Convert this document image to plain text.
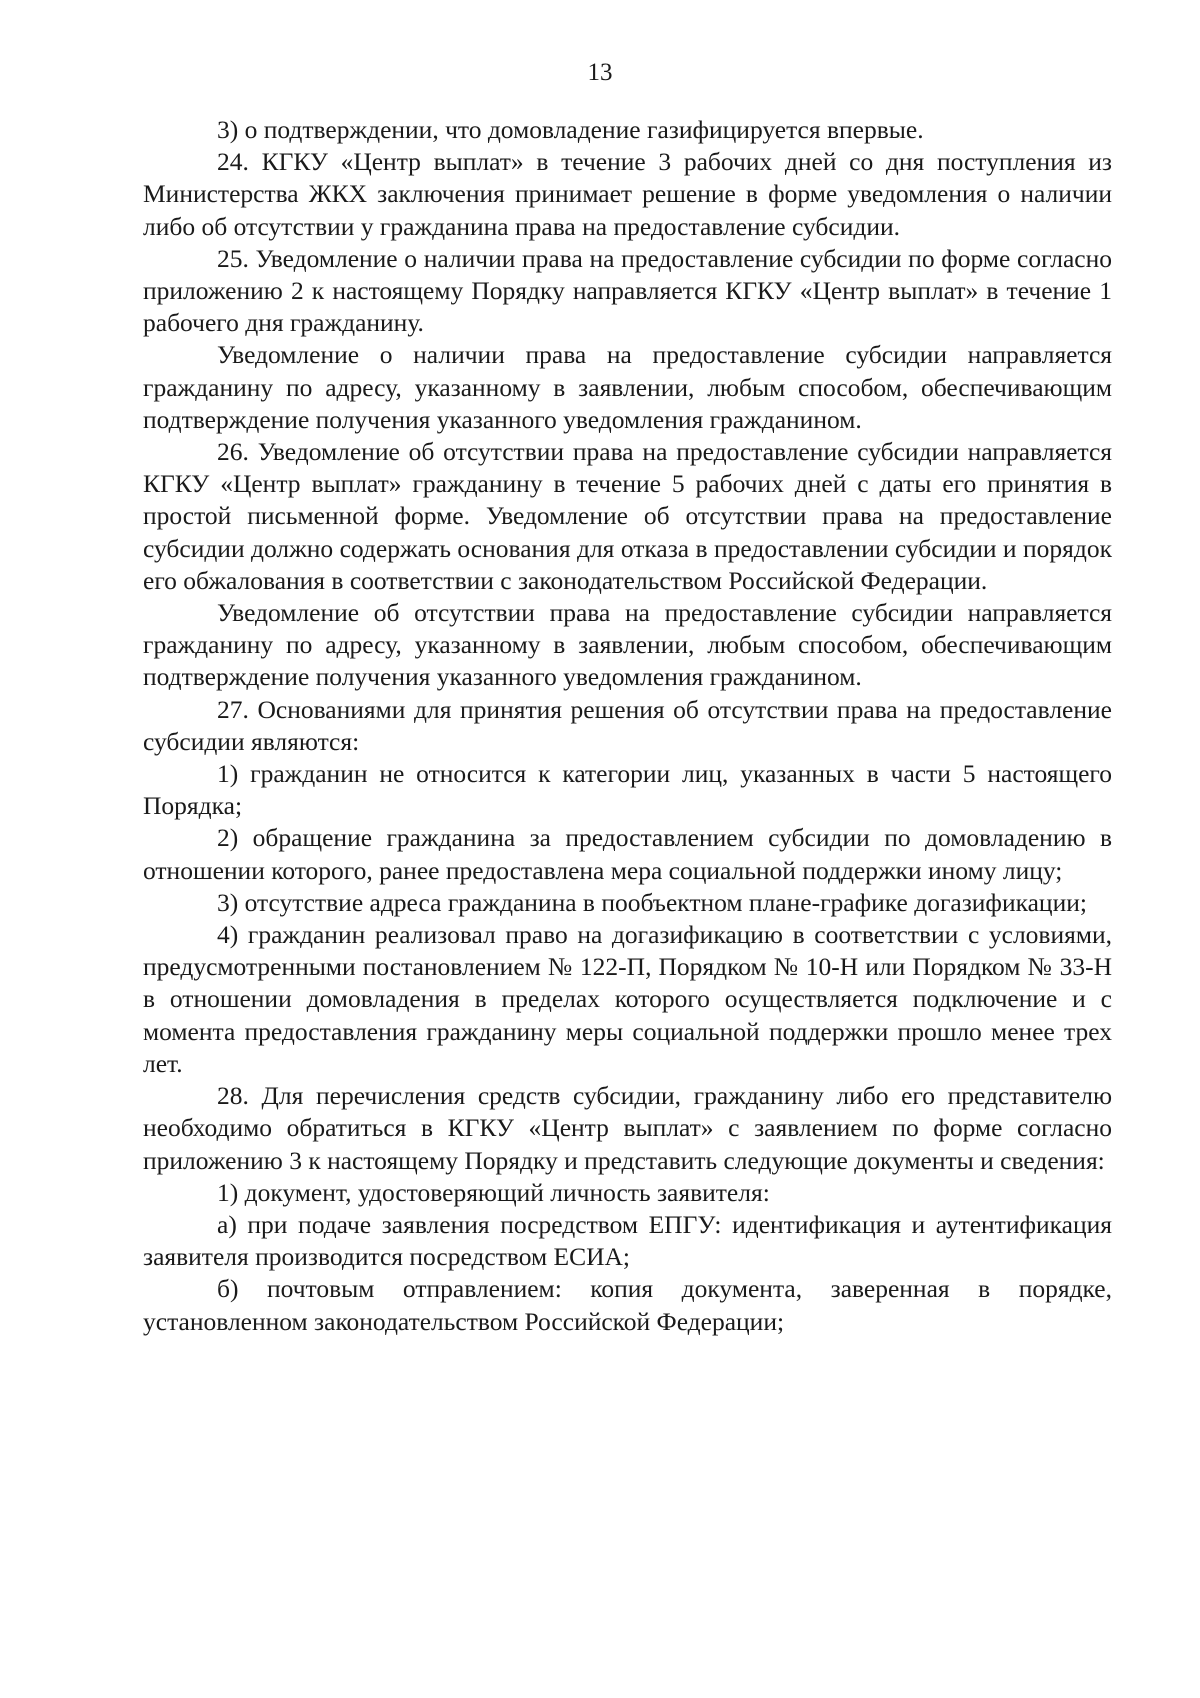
13

3) о подтверждении, что домовладение газифицируется впервые.

24. КГКУ «Центр выплат» в течение 3 рабочих дней со дня поступления из Министерства ЖКХ заключения принимает решение в форме уведомления о наличии либо об отсутствии у гражданина права на предоставление субсидии.

25. Уведомление о наличии права на предоставление субсидии по форме согласно приложению 2 к настоящему Порядку направляется КГКУ «Центр выплат» в течение 1 рабочего дня гражданину.

Уведомление о наличии права на предоставление субсидии направляется гражданину по адресу, указанному в заявлении, любым способом, обеспечивающим подтверждение получения указанного уведомления гражданином.

26. Уведомление об отсутствии права на предоставление субсидии направляется КГКУ «Центр выплат» гражданину в течение 5 рабочих дней с даты его принятия в простой письменной форме. Уведомление об отсутствии права на предоставление субсидии должно содержать основания для отказа в предоставлении субсидии и порядок его обжалования в соответствии с законодательством Российской Федерации.

Уведомление об отсутствии права на предоставление субсидии направляется гражданину по адресу, указанному в заявлении, любым способом, обеспечивающим подтверждение получения указанного уведомления гражданином.

27. Основаниями для принятия решения об отсутствии права на предоставление субсидии являются:

1) гражданин не относится к категории лиц, указанных в части 5 настоящего Порядка;

2) обращение гражданина за предоставлением субсидии по домовладению в отношении которого, ранее предоставлена мера социальной поддержки иному лицу;

3) отсутствие адреса гражданина в пообъектном плане-графике догазификации;

4) гражданин реализовал право на догазификацию в соответствии с условиями, предусмотренными постановлением № 122-П, Порядком № 10-Н или Порядком № 33-Н в отношении домовладения в пределах которого осуществляется подключение и с момента предоставления гражданину меры социальной поддержки прошло менее трех лет.

28. Для перечисления средств субсидии, гражданину либо его представителю необходимо обратиться в КГКУ «Центр выплат» с заявлением по форме согласно приложению 3 к настоящему Порядку и представить следующие документы и сведения:

1) документ, удостоверяющий личность заявителя:

а) при подаче заявления посредством ЕПГУ: идентификация и аутентификация заявителя производится посредством ЕСИА;

б) почтовым отправлением: копия документа, заверенная в порядке, установленном законодательством Российской Федерации;
